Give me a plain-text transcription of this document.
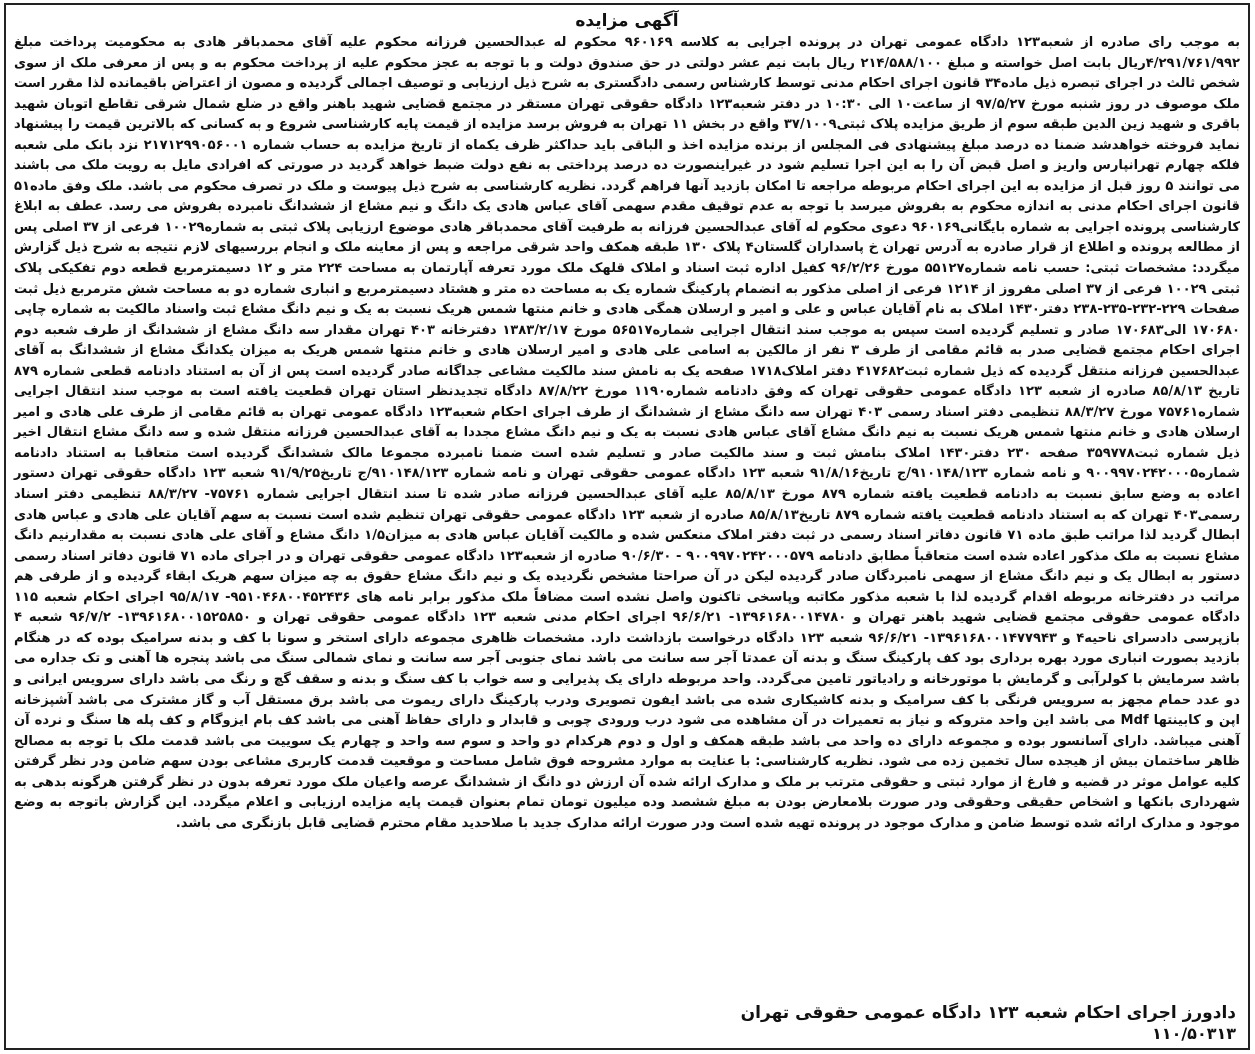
آگهی مزایده

به موجب رای صادره از شعبه۱۲۳ دادگاه عمومی تهران در پرونده اجرایی به کلاسه ۹۶۰۱۶۹ محکوم له عبدالحسین فرزانه محکوم علیه آقای محمدباقر هادی به محکومیت پرداخت مبلغ ۴/۲۹۱/۷۶۱/۹۹۲ریال بابت اصل خواسته و مبلغ ۲۱۴/۵۸۸/۱۰۰ ریال بابت نیم عشر دولتی در حق صندوق دولت و با توجه به عجز محکوم علیه از پرداخت محکوم به و پس از معرفی ملک از سوی شخص ثالث در اجرای تبصره ذیل ماده۳۴ قانون اجرای احکام مدنی توسط کارشناس رسمی دادگستری به شرح ذیل ارزیابی و توصیف اجمالی گردیده و مصون از اعتراض باقیمانده لذا مقرر است ملک موصوف در روز شنبه مورخ ۹۷/۵/۲۷ از ساعت۱۰ الی ۱۰:۳۰ در دفتر شعبه۱۲۳ دادگاه حقوقی تهران مستقر در مجتمع قضایی شهید باهنر واقع در ضلع شمال شرقی تقاطع اتوبان شهید باقری و شهید زین الدین طبقه سوم از طریق مزایده پلاک ثبتی۳۷/۱۰۰۹ واقع در بخش ۱۱ تهران به فروش برسد مزایده از قیمت پایه کارشناسی شروع و به کسانی که بالاترین قیمت را پیشنهاد نماید فروخته خواهدشد ضمنا ده درصد مبلغ پیشنهادی فی المجلس از برنده مزایده اخذ و الباقی باید حداکثر ظرف یکماه از تاریخ مزایده به حساب شماره ۲۱۷۱۲۹۹۰۵۶۰۰۱ نزد بانک ملی شعبه فلکه چهارم تهرانپارس واریز و اصل قبض آن را به این اجرا تسلیم شود در غیراینصورت ده درصد پرداختی به نفع دولت ضبط خواهد گردید در صورتی که افرادی مایل به رویت ملک می باشند می توانند ۵ روز قبل از مزایده به این اجرای احکام مربوطه مراجعه تا امکان بازدید آنها فراهم گردد. نظریه کارشناسی به شرح ذیل پیوست و ملک در تصرف محکوم می باشد. ملک وفق ماده۵۱ قانون اجرای احکام مدنی به اندازه محکوم به بفروش میرسد با توجه به عدم توقیف مقدم سهمی آقای عباس هادی یک دانگ و نیم مشاع از ششدانگ نامبرده بفروش می رسد. عطف به ابلاغ کارشناسی پرونده اجرایی به شماره بایگانی۹۶۰۱۶۹ دعوی محکوم له آقای عبدالحسین فرزانه به طرفیت آقای محمدباقر هادی موضوع ارزیابی پلاک ثبتی به شماره۱۰۰۲۹ فرعی از ۳۷ اصلی پس از مطالعه پرونده و اطلاع از قرار صادره به آدرس تهران خ پاسداران گلستان۴ پلاک ۱۳۰ طبقه همکف واحد شرقی مراجعه و پس از معاینه ملک و انجام بررسیهای لازم نتیجه به شرح ذیل گزارش میگردد: مشخصات ثبتی: حسب نامه شماره۵۵۱۲۷ مورخ ۹۶/۲/۲۶ کفیل اداره ثبت اسناد و املاک قلهک ملک مورد تعرفه آپارتمان به مساحت ۲۲۴ متر و ۱۲ دسیمترمربع قطعه دوم تفکیکی پلاک ثبتی ۱۰۰۲۹ فرعی از ۳۷ اصلی مفروز از ۱۲۱۴ فرعی از اصلی مذکور به انضمام پارکینگ شماره یک به مساحت ده متر و هشتاد دسیمترمربع و انباری شماره دو به مساحت شش مترمربع ذیل ثبت صفحات ۲۲۹-۲۳۲-۲۳۵-۲۳۸ دفتر۱۴۳۰ املاک به نام آقایان عباس و علی و امیر و ارسلان همگی هادی و خانم منتها شمس هریک نسبت به یک و نیم دانگ مشاع ثبت واسناد مالکیت به شماره چاپی ۱۷۰۶۸۰ الی۱۷۰۶۸۳ صادر و تسلیم گردیده است سپس به موجب سند انتقال اجرایی شماره۵۶۵۱۷ مورخ ۱۳۸۳/۲/۱۷ دفترخانه ۴۰۳ تهران مقدار سه دانگ مشاع از ششدانگ از طرف شعبه دوم اجرای احکام مجتمع قضایی صدر به قائم مقامی از طرف ۳ نفر از مالکین به اسامی علی هادی و امیر ارسلان هادی و خانم منتها شمس هریک به میزان یکدانگ مشاع از ششدانگ به آقای عبدالحسین فرزانه منتقل گردیده که ذیل شماره ثبت۴۱۷۶۸۲ دفتر املاک۱۷۱۸ صفحه یک به نامش سند مالکیت مشاعی جداگانه صادر گردیده است پس از آن به استناد دادنامه قطعی شماره ۸۷۹ تاریخ ۸۵/۸/۱۳ صادره از شعبه ۱۲۳ دادگاه عمومی حقوقی تهران که وفق دادنامه شماره۱۱۹۰ مورخ ۸۷/۸/۲۲ دادگاه تجدیدنظر استان تهران قطعیت یافته است به موجب سند انتقال اجرایی شماره۷۵۷۶۱ مورخ ۸۸/۳/۲۷ تنظیمی دفتر اسناد رسمی ۴۰۳ تهران سه دانگ مشاع از ششدانگ از طرف اجرای احکام شعبه۱۲۳ دادگاه عمومی تهران به قائم مقامی از طرف علی هادی و امیر ارسلان هادی و خانم منتها شمس هریک نسبت به نیم دانگ مشاع آقای عباس هادی نسبت به یک و نیم دانگ مشاع مجددا به آقای عبدالحسین فرزانه منتقل شده و سه دانگ مشاع انتقال اخیر ذیل شماره ثبت۳۵۹۷۷۸ صفحه ۲۳۰ دفتر۱۴۳۰ املاک بنامش ثبت و سند مالکیت صادر و تسلیم شده است ضمنا نامبرده مجموعا مالک ششدانگ گردیده است متعاقبا به استناد دادنامه شماره۹۰۰۹۹۷۰۲۴۲۰۰۰۵ و نامه شماره ۹۱۰۱۴۸/۱۲۳/ج تاریخ۹۱/۸/۱۶ شعبه ۱۲۳ دادگاه عمومی حقوقی تهران و نامه شماره ۹۱۰۱۴۸/۱۲۳/ج تاریخ۹۱/۹/۲۵ شعبه ۱۲۳ دادگاه حقوقی تهران دستور اعاده به وضع سابق نسبت به دادنامه قطعیت یافته شماره ۸۷۹ مورخ ۸۵/۸/۱۳ علیه آقای عبدالحسین فرزانه صادر شده تا سند انتقال اجرایی شماره ۷۵۷۶۱- ۸۸/۳/۲۷ تنظیمی دفتر اسناد رسمی۴۰۳ تهران که به استناد دادنامه قطعیت یافته شماره ۸۷۹ تاریخ۸۵/۸/۱۳ صادره از شعبه ۱۲۳ دادگاه عمومی حقوقی تهران تنظیم شده است نسبت به سهم آقایان علی هادی و عباس هادی ابطال گردید لذا مراتب طبق ماده ۷۱ قانون دفاتر اسناد رسمی در ثبت دفتر املاک منعکس شده و مالکیت آقایان عباس هادی به میزان۱/۵ دانگ مشاع و آقای علی هادی نسبت به مقدارنیم دانگ مشاع نسبت به ملک مذکور اعاده شده است متعاقباً مطابق دادنامه ۹۰۰۹۹۷۰۲۴۲۰۰۰۵۷۹ - ۹۰/۶/۳۰ صادره از شعبه۱۲۳ دادگاه عمومی حقوقی تهران و در اجرای ماده ۷۱ قانون دفاتر اسناد رسمی دستور به ابطال یک و نیم دانگ مشاع از سهمی نامبردگان صادر گردیده لیکن در آن صراحتا مشخص نگردیده یک و نیم دانگ مشاع حقوق به چه میزان سهم هریک ابقاء گردیده و از طرفی هم مراتب در دفترخانه مربوطه اقدام گردیده لذا با شعبه مذکور مکاتبه وپاسخی تاکنون واصل نشده است مضافاً ملک مذکور برابر نامه های ۹۵۱۰۴۶۸۰۰۴۵۲۴۳۶- ۹۵/۸/۱۷ اجرای احکام شعبه ۱۱۵ دادگاه عمومی حقوقی مجتمع قضایی شهید باهنر تهران و ۱۳۹۶۱۶۸۰۰۱۴۷۸۰- ۹۶/۶/۲۱ اجرای احکام مدنی شعبه ۱۲۳ دادگاه عمومی حقوقی تهران و ۱۳۹۶۱۶۸۰۰۱۵۲۵۸۵۰- ۹۶/۷/۲ شعبه ۴ بازپرسی دادسرای ناحیه۴ و ۱۳۹۶۱۶۸۰۰۱۴۷۷۹۴۳- ۹۶/۶/۲۱ شعبه ۱۲۳ دادگاه درخواست بازداشت دارد. مشخصات ظاهری مجموعه دارای استخر و سونا با کف و بدنه سرامیک بوده که در هنگام بازدید بصورت انباری مورد بهره برداری بود کف پارکینگ سنگ و بدنه آن عمدتا آجر سه سانت می باشد نمای جنوبی آجر سه سانت و نمای شمالی سنگ می باشد پنجره ها آهنی و تک جداره می باشد سرمایش با کولرآبی و گرمایش با موتورخانه و رادیاتور تامین می‌گردد. واحد مربوطه دارای یک پذیرایی و سه خواب با کف سنگ و بدنه و سقف گچ و رنگ می باشد دارای سرویس ایرانی و دو عدد حمام مجهز به سرویس فرنگی با کف سرامیک و بدنه کاشیکاری شده می باشد ایفون تصویری ودرب پارکینگ دارای ریموت می باشد برق مستقل آب و گاز مشترک می باشد آشپزخانه اپن و کابینتها Mdf می باشد این واحد متروکه و نیاز به تعمیرات در آن مشاهده می شود درب ورودی چوبی و قابدار و دارای حفاظ آهنی می باشد کف بام ایزوگام و کف پله ها سنگ و نرده آن آهنی میباشد. دارای آسانسور بوده و مجموعه دارای ده واحد می باشد طبقه همکف و اول و دوم هرکدام دو واحد و سوم سه واحد و چهارم یک سوییت می باشد قدمت ملک با توجه به مصالح ظاهر ساختمان بیش از هیجده سال تخمین زده می شود. نظریه کارشناسی: با عنایت به موارد مشروحه فوق شامل مساحت و موقعیت قدمت کاربری مشاعی بودن سهم ضامن ودر نظر گرفتن کلیه عوامل موثر در قضیه و فارغ از موارد ثبتی و حقوقی مترتب بر ملک و مدارک ارائه شده آن ارزش دو دانگ از ششدانگ عرصه واعیان ملک مورد تعرفه بدون در نظر گرفتن هرگونه بدهی به شهرداری بانکها و اشخاص حقیقی وحقوقی ودر صورت بلامعارض بودن به مبلغ ششصد وده میلیون تومان تمام بعنوان قیمت پایه مزایده ارزیابی و اعلام میگردد. این گزارش باتوجه به وضع موجود و مدارک ارائه شده توسط ضامن و مدارک موجود در پرونده تهیه شده است ودر صورت ارائه مدارک جدید با صلاحدید مقام محترم قضایی قابل بازنگری می باشد.

دادورز اجرای احکام شعبه ۱۲۳ دادگاه عمومی حقوقی تهران
۱۱۰/۵۰۳۱۳
